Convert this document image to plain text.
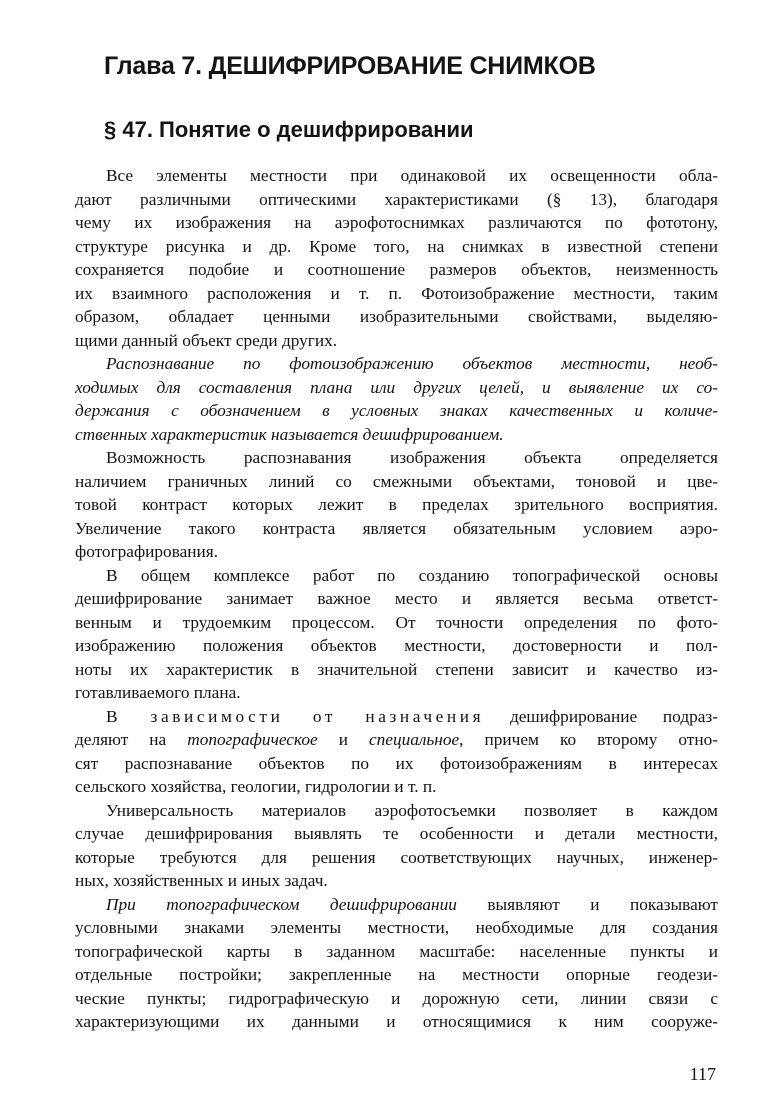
Глава 7. ДЕШИФРИРОВАНИЕ СНИМКОВ
§ 47. Понятие о дешифрировании
Все элементы местности при одинаковой их освещенности обла-
дают различными оптическими характеристиками (§ 13), благодаря
чему их изображения на аэрофотоснимках различаются по фототону,
структуре рисунка и др. Кроме того, на снимках в известной степени
сохраняется подобие и соотношение размеров объектов, неизменность
их взаимного расположения и т. п. Фотоизображение местности, таким
образом, обладает ценными изобразительными свойствами, выделяю-
щими данный объект среди других.
Распознавание по фотоизображению объектов местности, необ-
ходимых для составления плана или других целей, и выявление их со-
держания с обозначением в условных знаках качественных и количе-
ственных характеристик называется дешифрированием.
Возможность распознавания изображения объекта определяется
наличием граничных линий со смежными объектами, тоновой и цве-
товой контраст которых лежит в пределах зрительного восприятия.
Увеличение такого контраста является обязательным условием аэро-
фотографирования.
В общем комплексе работ по созданию топографической основы
дешифрирование занимает важное место и является весьма ответст-
венным и трудоемким процессом. От точности определения по фото-
изображению положения объектов местности, достоверности и пол-
ноты их характеристик в значительной степени зависит и качество из-
готавливаемого плана.
В зависимости от назначения дешифрирование подраз-
деляют на топографическое и специальное, причем ко второму отно-
сят распознавание объектов по их фотоизображениям в интересах
сельского хозяйства, геологии, гидрологии и т. п.
Универсальность материалов аэрофотосъемки позволяет в каждом
случае дешифрирования выявлять те особенности и детали местности,
которые требуются для решения соответствующих научных, инженер-
ных, хозяйственных и иных задач.
При топографическом дешифрировании выявляют и показывают
условными знаками элементы местности, необходимые для создания
топографической карты в заданном масштабе: населенные пункты и
отдельные постройки; закрепленные на местности опорные геодези-
ческие пункты; гидрографическую и дорожную сети, линии связи с
характеризующими их данными и относящимися к ним сооруже-
117
